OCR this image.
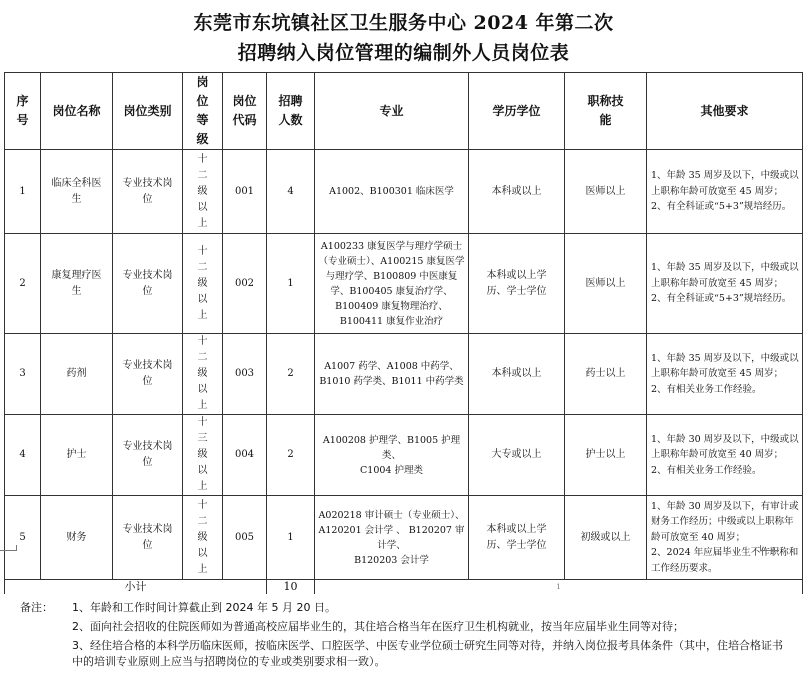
东莞市东坑镇社区卫生服务中心 2024 年第二次
招聘纳入岗位管理的编制外人员岗位表
序号	岗位名称	岗位类别	岗位等级	岗位代码	招聘人数	专业	学历学位	职称技能	其他要求
1	临床全科医生	专业技术岗位	十二级以上	001	4	A1002、B100301 临床医学	本科或以上	医师以上	1、年龄 35 周岁及以下，中级或以上职称年龄可放宽至 45 周岁；
2、有全科证或“5+3”规培经历。
2	康复理疗医生	专业技术岗位	十二级以上	002	1	A100233 康复医学与理疗学硕士（专业硕士）、A100215 康复医学与理疗学、B100809 中医康复学、B100405 康复治疗学、B100409 康复物理治疗、B100411 康复作业治疗	本科或以上学历、学士学位	医师以上	1、年龄 35 周岁及以下，中级或以上职称年龄可放宽至 45 周岁；
2、有全科证或“5+3”规培经历。
3	药剂	专业技术岗位	十二级以上	003	2	A1007 药学、A1008 中药学、B1010 药学类、B1011 中药学类	本科或以上	药士以上	1、年龄 35 周岁及以下，中级或以上职称年龄可放宽至 45 周岁；
2、有相关业务工作经验。
4	护士	专业技术岗位	十三级以上	004	2	A100208 护理学、B1005 护理类、
C1004 护理类	大专或以上	护士以上	1、年龄 30 周岁及以下，中级或以上职称年龄可放宽至 40 周岁；
2、有相关业务工作经验。
5	财务	专业技术岗位	十二级以上	005	1	A020218 审计硕士（专业硕士）、
A120201 会计学 、 B120207 审计学、
B120203 会计学	本科或以上学历、学士学位	初级或以上	1、年龄 30 周岁及以下，有审计或财务工作经历；中级或以上职称年龄可放宽至 40 周岁；
2、2024 年应届毕业生不作职称和工作经历要求。
小计					10	1			
备注：	1、年龄和工作时间计算截止到 2024 年 5 月 20 日。
2、面向社会招收的住院医师如为普通高校应届毕业生的，其住培合格当年在医疗卫生机构就业，按当年应届毕业生同等对待；
3、经住培合格的本科学历临床医师，按临床医学、口腔医学、中医专业学位硕士研究生同等对待，并纳入岗位报考具体条件（其中，住培合格证书中的培训专业原则上应当与招聘岗位的专业或类别要求相一致）。
